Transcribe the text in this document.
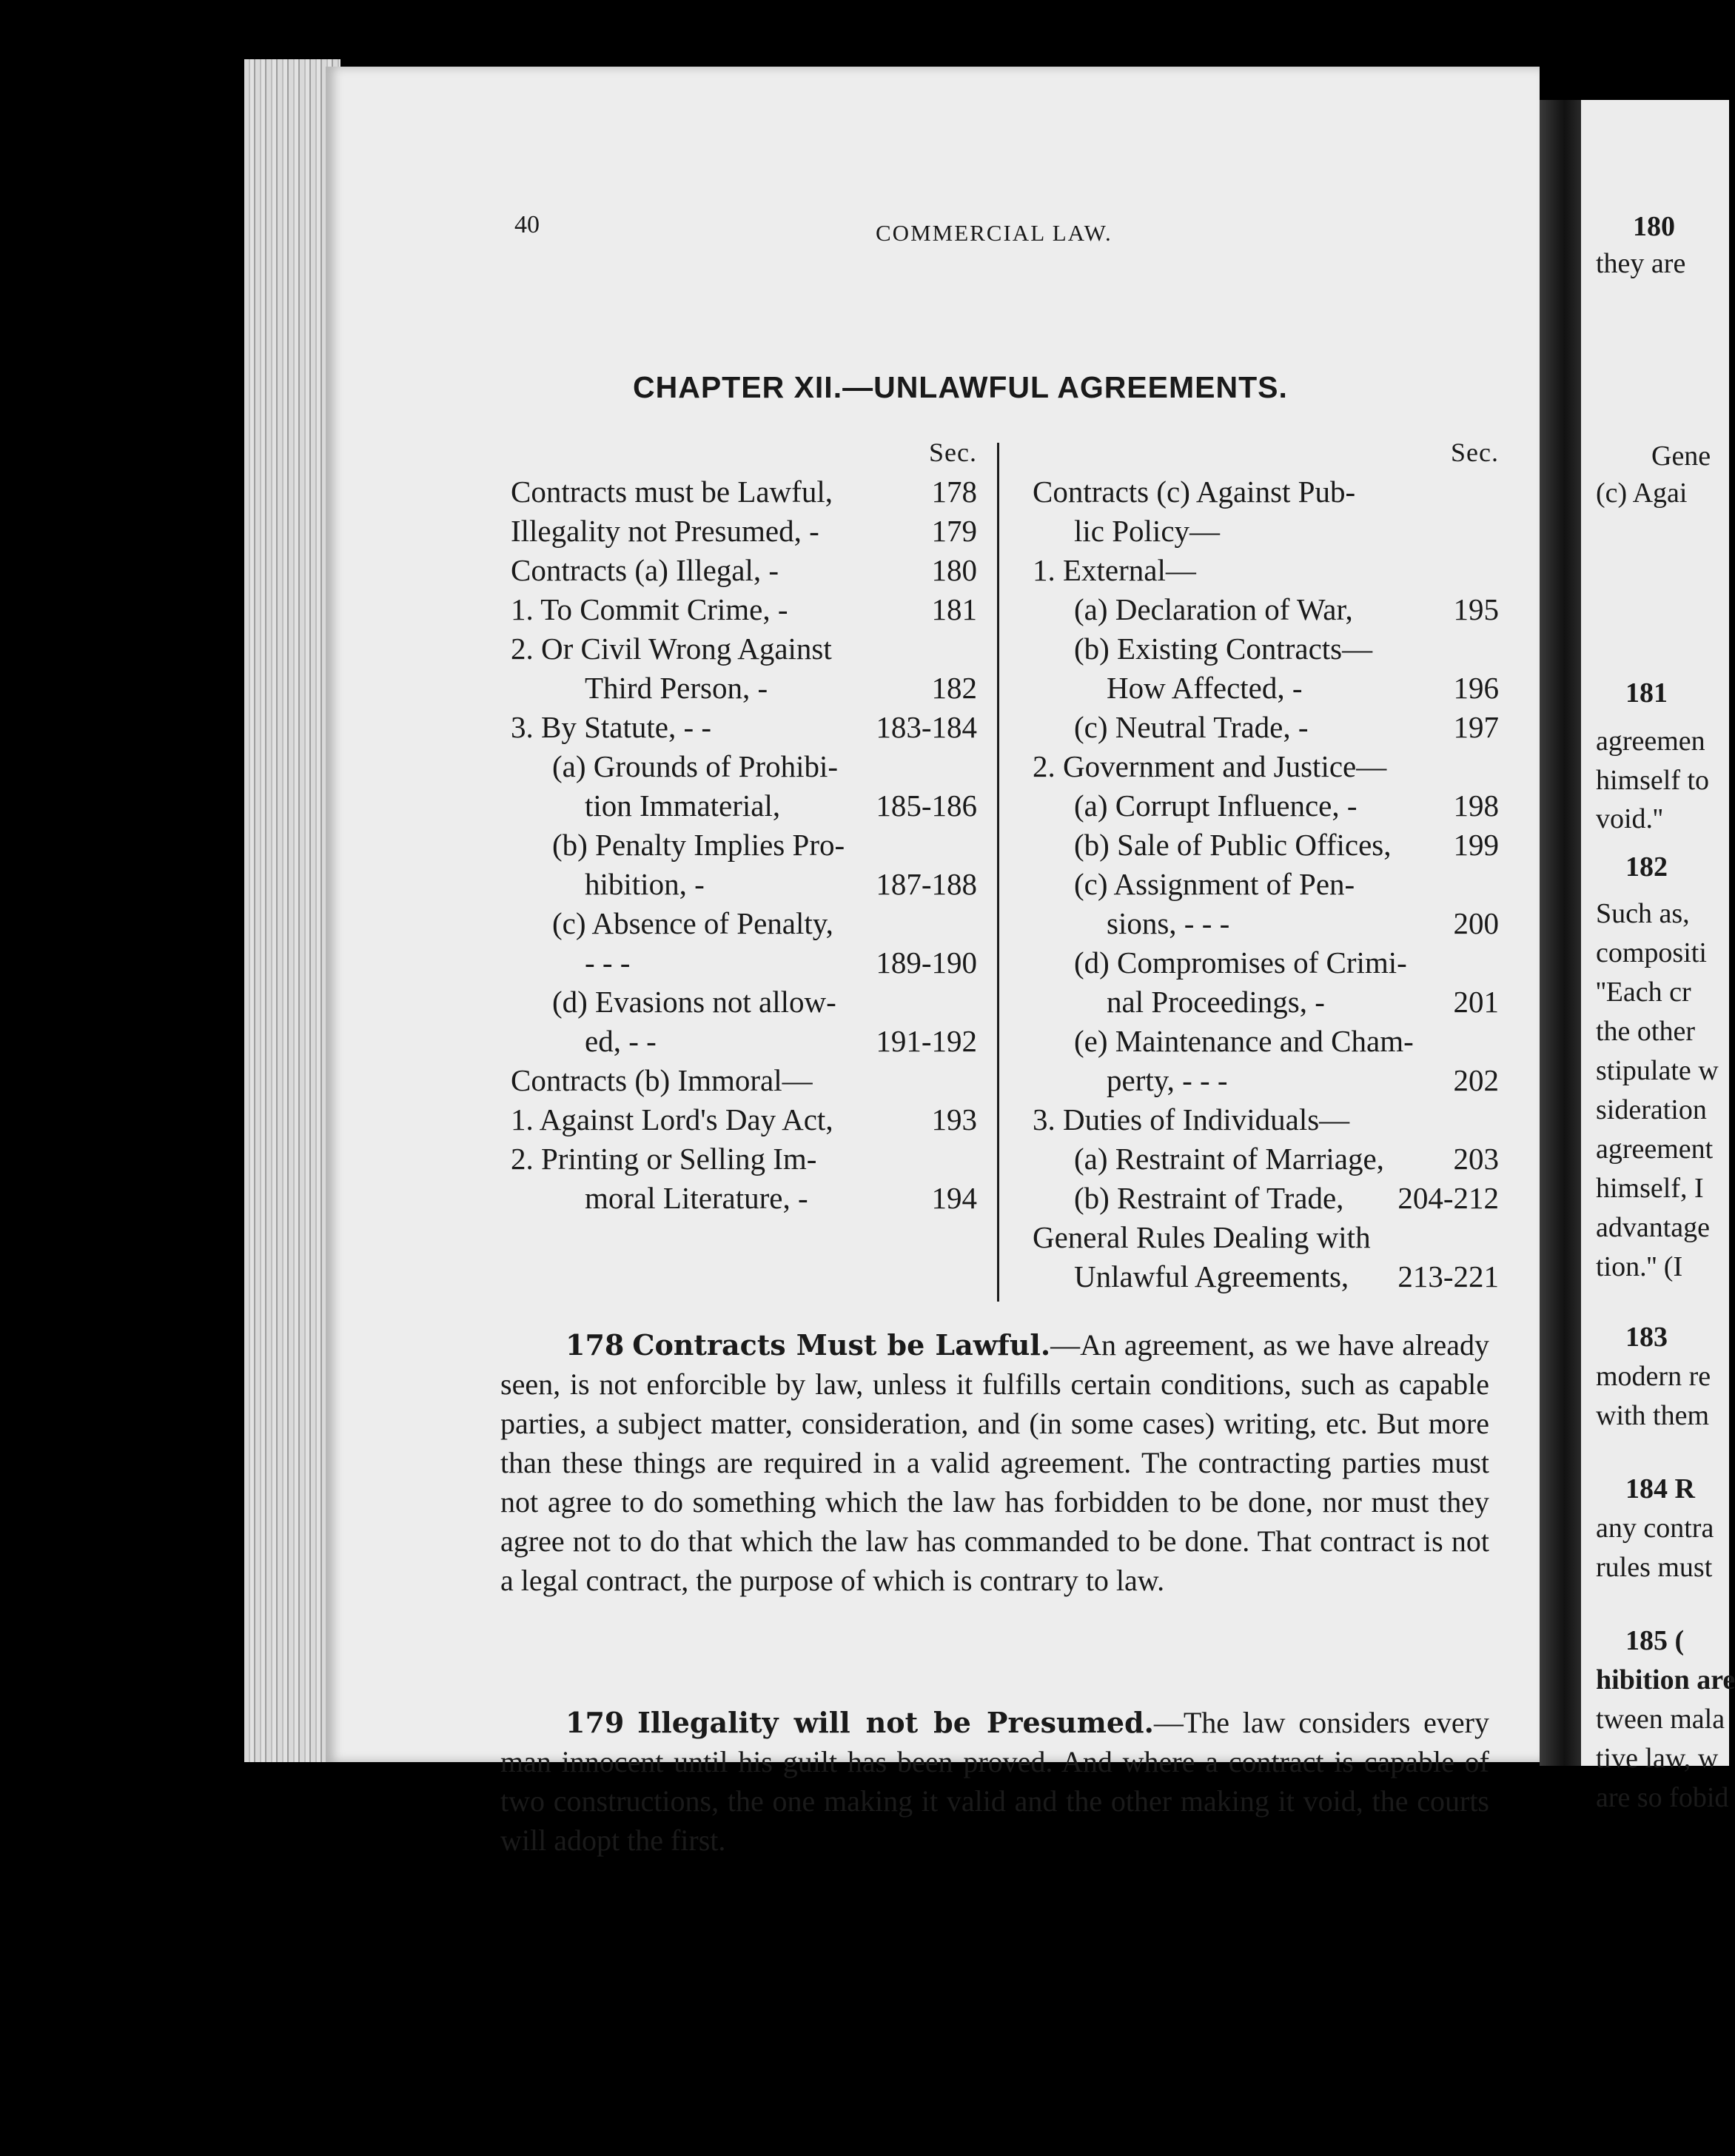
40	COMMERCIAL LAW.
CHAPTER XII.—UNLAWFUL AGREEMENTS.
Sec.
Contracts must be Lawful,	178
Illegality not Presumed, -	179
Contracts (a) Illegal, -	180
1. To Commit Crime, -	181
2. Or Civil Wrong Against
Third Person, -	182
3. By Statute, - -	183-184
(a) Grounds of Prohibi-
tion Immaterial,	185-186
(b) Penalty Implies Pro-
hibition, -	187-188
(c) Absence of Penalty,
- - -	189-190
(d) Evasions not allow-
ed, - -	191-192
Contracts (b) Immoral—
1. Against Lord's Day Act,	193
2. Printing or Selling Im-
moral Literature, -	194
Sec.
Contracts (c) Against Pub-
lic Policy—
1. External—
(a) Declaration of War,	195
(b) Existing Contracts—
How Affected, -	196
(c) Neutral Trade, -	197
2. Government and Justice—
(a) Corrupt Influence, -	198
(b) Sale of Public Offices, 199
(c) Assignment of Pen-
sions, - - -	200
(d) Compromises of Crimi-
nal Proceedings, -	201
(e) Maintenance and Cham-
perty, - - -	202
3. Duties of Individuals—
(a) Restraint of Marriage, 203
(b) Restraint of Trade, 204-212
General Rules Dealing with
Unlawful Agreements, 213-221
178 Contracts Must be Lawful.—An agreement, as we have already seen, is not enforcible by law, unless it fulfills certain conditions, such as capable parties, a subject matter, consideration, and (in some cases) writing, etc. But more than these things are required in a valid agreement. The contracting parties must not agree to do something which the law has forbidden to be done, nor must they agree not to do that which the law has commanded to be done. That contract is not a legal contract, the purpose of which is contrary to law.
179 Illegality will not be Presumed.—The law considers every man innocent until his guilt has been proved. And where a contract is capable of two constructions, the one making it valid and the other making it void, the courts will adopt the first.
180
they are
Gene
(c) Agai
181
agreemen
himself to
void.''
182
Such as,
compositi
''Each cr
the other
stipulate w
sideration
agreement
himself, I
advantage
tion.'' (I
183
modern re
with them
184 R
any contra
rules must
185 (
hibition are
tween mala
tive law, w
are so fobid
